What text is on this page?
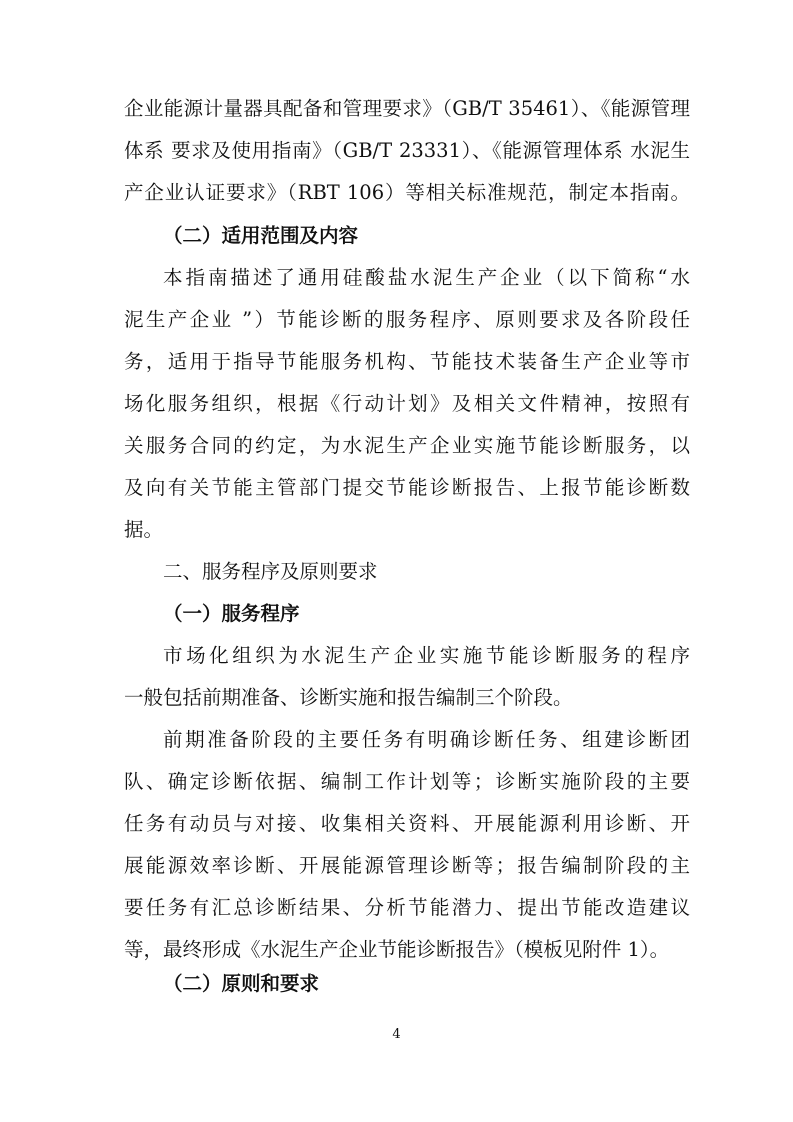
企业能源计量器具配备和管理要求》（GB/T 35461）、《能源管理
体系 要求及使用指南》（GB/T 23331）、《能源管理体系 水泥生
产企业认证要求》（RBT 106）等相关标准规范，制定本指南。
（二）适用范围及内容
本指南描述了通用硅酸盐水泥生产企业（以下简称“水
泥生产企业 ”）节能诊断的服务程序、原则要求及各阶段任
务，适用于指导节能服务机构、节能技术装备生产企业等市
场化服务组织，根据《行动计划》及相关文件精神，按照有
关服务合同的约定，为水泥生产企业实施节能诊断服务，以
及向有关节能主管部门提交节能诊断报告、上报节能诊断数
据。
二、服务程序及原则要求
（一）服务程序
市场化组织为水泥生产企业实施节能诊断服务的程序
一般包括前期准备、诊断实施和报告编制三个阶段。
前期准备阶段的主要任务有明确诊断任务、组建诊断团
队、确定诊断依据、编制工作计划等；诊断实施阶段的主要
任务有动员与对接、收集相关资料、开展能源利用诊断、开
展能源效率诊断、开展能源管理诊断等；报告编制阶段的主
要任务有汇总诊断结果、分析节能潜力、提出节能改造建议
等，最终形成《水泥生产企业节能诊断报告》（模板见附件 1）。
（二）原则和要求
4
